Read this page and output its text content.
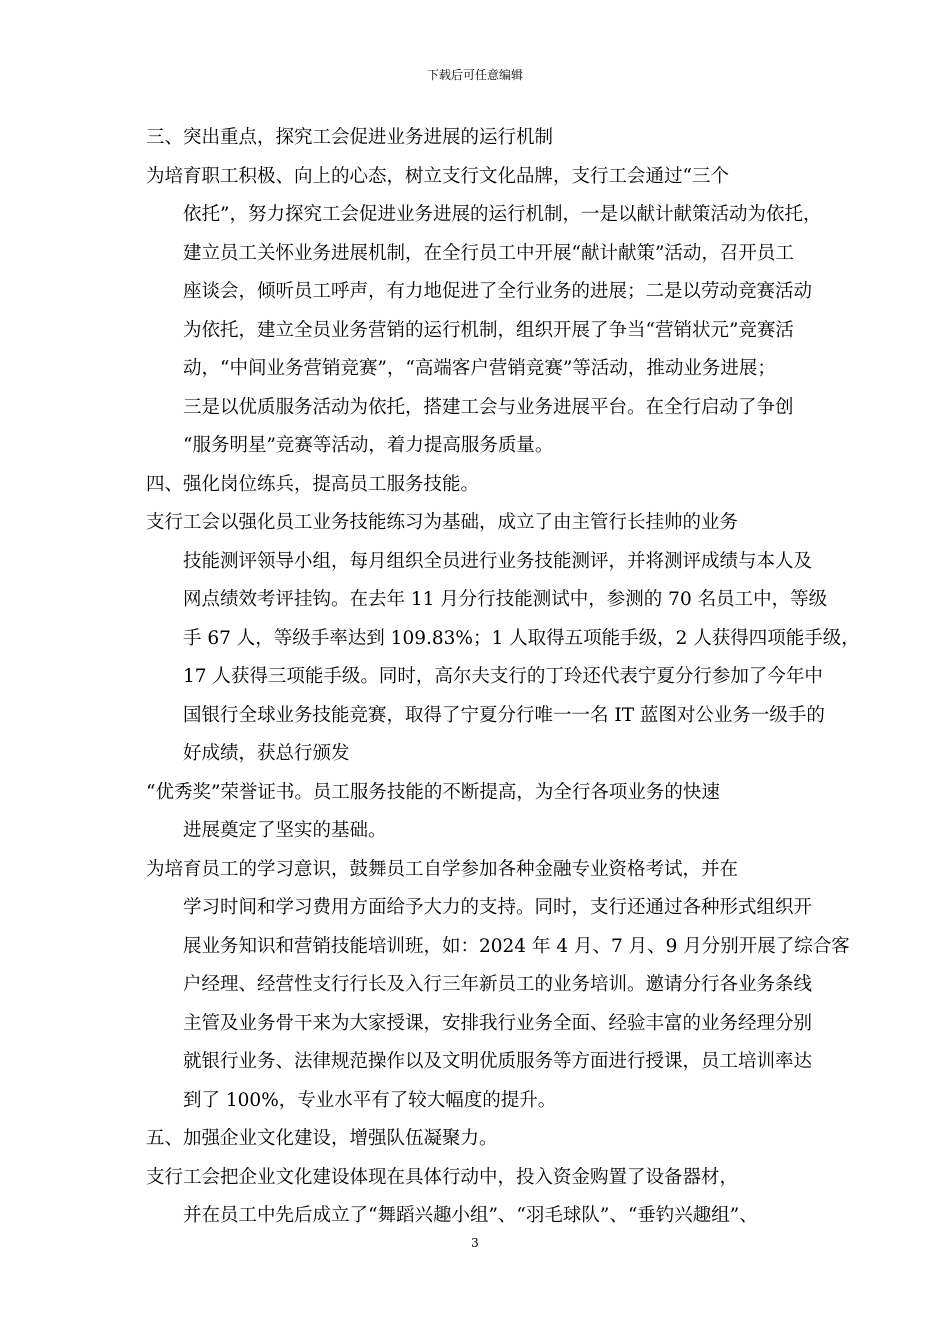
下载后可任意编辑

三、突出重点，探究工会促进业务进展的运行机制

为培育职工积极、向上的心态，树立支行文化品牌，支行工会通过“三个
依托”，努力探究工会促进业务进展的运行机制，一是以献计献策活动为依托，
建立员工关怀业务进展机制，在全行员工中开展“献计献策”活动，召开员工
座谈会，倾听员工呼声，有力地促进了全行业务的进展；二是以劳动竞赛活动
为依托，建立全员业务营销的运行机制，组织开展了争当“营销状元”竞赛活
动，“中间业务营销竞赛”，“高端客户营销竞赛”等活动，推动业务进展；
三是以优质服务活动为依托，搭建工会与业务进展平台。在全行启动了争创
“服务明星”竞赛等活动，着力提高服务质量。

四、强化岗位练兵，提高员工服务技能。

支行工会以强化员工业务技能练习为基础，成立了由主管行长挂帅的业务
技能测评领导小组，每月组织全员进行业务技能测评，并将测评成绩与本人及
网点绩效考评挂钩。在去年 11 月分行技能测试中，参测的 70 名员工中，等级
手 67 人，等级手率达到 109.83%；1 人取得五项能手级，2 人获得四项能手级，
17 人获得三项能手级。同时，高尔夫支行的丁玲还代表宁夏分行参加了今年中
国银行全球业务技能竞赛，取得了宁夏分行唯一一名 IT 蓝图对公业务一级手的
好成绩，获总行颁发

“优秀奖”荣誉证书。员工服务技能的不断提高，为全行各项业务的快速
进展奠定了坚实的基础。

为培育员工的学习意识，鼓舞员工自学参加各种金融专业资格考试，并在
学习时间和学习费用方面给予大力的支持。同时，支行还通过各种形式组织开
展业务知识和营销技能培训班，如：2024 年 4 月、7 月、9 月分别开展了综合客
户经理、经营性支行行长及入行三年新员工的业务培训。邀请分行各业务条线
主管及业务骨干来为大家授课，安排我行业务全面、经验丰富的业务经理分别
就银行业务、法律规范操作以及文明优质服务等方面进行授课，员工培训率达
到了 100%，专业水平有了较大幅度的提升。

五、加强企业文化建设，增强队伍凝聚力。

支行工会把企业文化建设体现在具体行动中，投入资金购置了设备器材，
并在员工中先后成立了“舞蹈兴趣小组”、“羽毛球队”、“垂钓兴趣组”、

3
